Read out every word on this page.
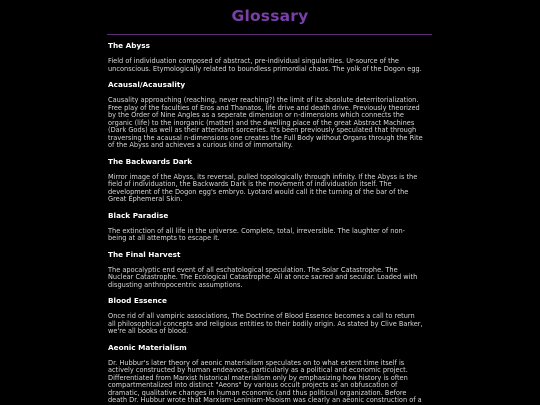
Glossary
The Abyss
Field of individuation composed of abstract, pre-individual singularities. Ur-source of the
unconscious. Etymologically related to boundless primordial chaos. The yolk of the Dogon egg.
Acausal/Acausality
Causality approaching (reaching, never reaching?) the limit of its absolute deterritorialization.
Free play of the faculties of Eros and Thanatos, life drive and death drive. Previously theorized
by the Order of Nine Angles as a seperate dimension or n-dimensions which connects the
organic (life) to the inorganic (matter) and the dwelling place of the great Abstract Machines
(Dark Gods) as well as their attendant sorceries. It's been previously speculated that through
traversing the acausal n-dimensions one creates the Full Body without Organs through the Rite
of the Abyss and achieves a curious kind of immortality.
The Backwards Dark
Mirror image of the Abyss, its reversal, pulled topologically through infinity. If the Abyss is the
field of individuation, the Backwards Dark is the movement of individuation itself. The
development of the Dogon egg's embryo. Lyotard would call it the turning of the bar of the
Great Ephemeral Skin.
Black Paradise
The extinction of all life in the universe. Complete, total, irreversible. The laughter of non-
being at all attempts to escape it.
The Final Harvest
The apocalyptic end event of all eschatological speculation. The Solar Catastrophe. The
Nuclear Catastrophe. The Ecological Catastrophe. All at once sacred and secular. Loaded with
disgusting anthropocentric assumptions.
Blood Essence
Once rid of all vampiric associations, The Doctrine of Blood Essence becomes a call to return
all philosophical concepts and religious entities to their bodily origin. As stated by Clive Barker,
we're all books of blood.
Aeonic Materialism
Dr. Hubbur's later theory of aeonic materialism speculates on to what extent time itself is
actively constructed by human endeavors, particularly as a political and economic project.
Differentiated from Marxist historical materialism only by emphasizing how history is often
compartmentalized into distinct "Aeons" by various occult projects as an obfuscation of
dramatic, qualitative changes in human economic (and thus political) organization. Before
death Dr. Hubbur wrote that Marxism-Leninism-Maoism was clearly an aeonic construction of a
